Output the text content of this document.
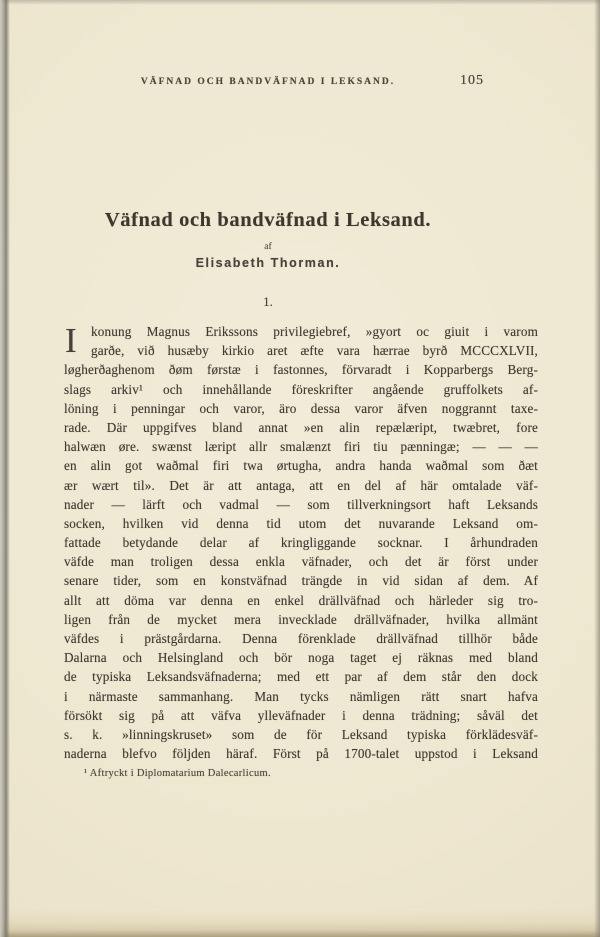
VÄFNAD OCH BANDVÄFNAD I LEKSAND.	105
Väfnad och bandväfnad i Leksand.
af
Elisabeth Thorman.
1.
I	konung Magnus Erikssons privilegiebref, »gyort oc giuit i varom
garðe, við husæby kirkio aret æfte vara hærrae byrð MCCCXLVII,
løgherðaghenom ðøm førstæ i fastonnes, förvaradt i Kopparbergs Berg-
slags arkiv¹ och innehållande föreskrifter angående gruffolkets af-
löning i penningar och varor, äro dessa varor äfven noggrannt taxe-
rade. Där uppgifves bland annat »en alin repælæript, twæbret, fore
halwæn øre. swænst læript allr smalænzt firi tiu pænningæ; — — —
en alin got waðmal firi twa ørtugha, andra handa waðmal som ðæt
ær wært til». Det är att antaga, att en del af här omtalade väf-
nader — lärft och vadmal — som tillverkningsort haft Leksands
socken, hvilken vid denna tid utom det nuvarande Leksand om-
fattade betydande delar af kringliggande socknar. I århundraden
väfde man troligen dessa enkla väfnader, och det är först under
senare tider, som en konstväfnad trängde in vid sidan af dem. Af
allt att döma var denna en enkel drällväfnad och härleder sig tro-
ligen från de mycket mera invecklade drällväfnader, hvilka allmänt
väfdes i prästgårdarna. Denna förenklade drällväfnad tillhör både
Dalarna och Helsingland och bör noga taget ej räknas med bland
de typiska Leksandsväfnaderna; med ett par af dem står den dock
i närmaste sammanhang. Man tycks nämligen rätt snart hafva
försökt sig på att väfva ylleväfnader i denna trädning; såväl det
s. k. »linningskruset» som de för Leksand typiska förklädesväf-
naderna blefvo följden häraf. Först på 1700-talet uppstod i Leksand
¹ Aftryckt i Diplomatarium Dalecarlicum.
